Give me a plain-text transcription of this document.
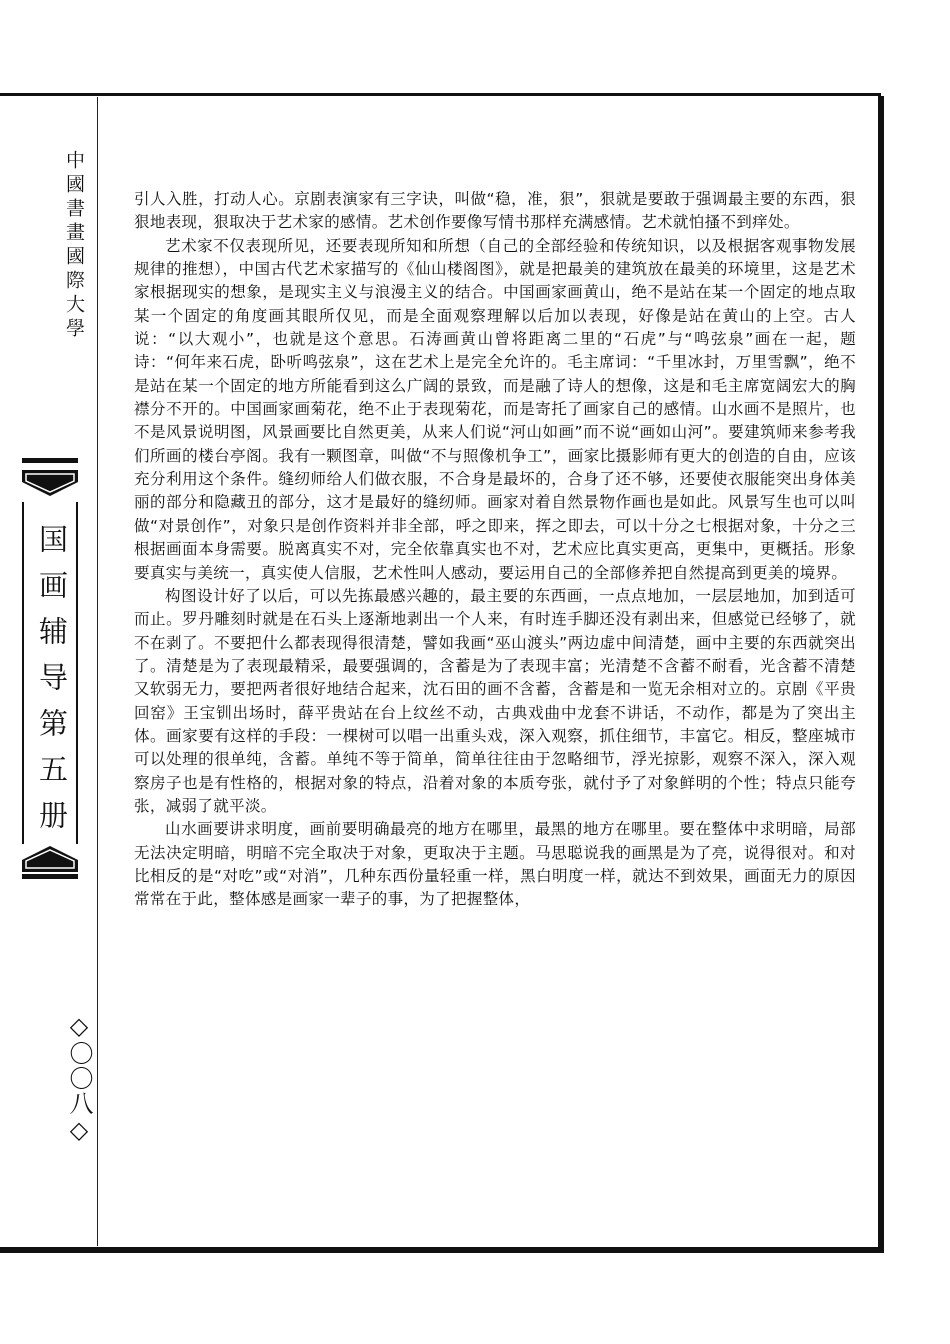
中國書畫國際大學
国画辅导第五册
◇〇〇八◇

引人入胜，打动人心。京剧表演家有三字诀，叫做“稳，准，狠”，狠就是要敢于强调最主要的东西，狠狠地表现，狠取决于艺术家的感情。艺术创作要像写情书那样充满感情。艺术就怕搔不到痒处。

艺术家不仅表现所见，还要表现所知和所想（自己的全部经验和传统知识，以及根据客观事物发展规律的推想），中国古代艺术家描写的《仙山楼阁图》，就是把最美的建筑放在最美的环境里，这是艺术家根据现实的想象，是现实主义与浪漫主义的结合。中国画家画黄山，绝不是站在某一个固定的地点取某一个固定的角度画其眼所仅见，而是全面观察理解以后加以表现，好像是站在黄山的上空。古人说：“以大观小”，也就是这个意思。石涛画黄山曾将距离二里的“石虎”与“鸣弦泉”画在一起，题诗：“何年来石虎，卧听鸣弦泉”，这在艺术上是完全允许的。毛主席词：“千里冰封，万里雪飘”，绝不是站在某一个固定的地方所能看到这么广阔的景致，而是融了诗人的想像，这是和毛主席宽阔宏大的胸襟分不开的。中国画家画菊花，绝不止于表现菊花，而是寄托了画家自己的感情。山水画不是照片，也不是风景说明图，风景画要比自然更美，从来人们说“河山如画”而不说“画如山河”。要建筑师来参考我们所画的楼台亭阁。我有一颗图章，叫做“不与照像机争工”，画家比摄影师有更大的创造的自由，应该充分利用这个条件。缝纫师给人们做衣服，不合身是最坏的，合身了还不够，还要使衣服能突出身体美丽的部分和隐藏丑的部分，这才是最好的缝纫师。画家对着自然景物作画也是如此。风景写生也可以叫做“对景创作”，对象只是创作资料并非全部，呼之即来，挥之即去，可以十分之七根据对象，十分之三根据画面本身需要。脱离真实不对，完全依靠真实也不对，艺术应比真实更高，更集中，更概括。形象要真实与美统一，真实使人信服，艺术性叫人感动，要运用自己的全部修养把自然提高到更美的境界。

构图设计好了以后，可以先拣最感兴趣的，最主要的东西画，一点点地加，一层层地加，加到适可而止。罗丹雕刻时就是在石头上逐渐地剥出一个人来，有时连手脚还没有剥出来，但感觉已经够了，就不在剥了。不要把什么都表现得很清楚，譬如我画“巫山渡头”两边虚中间清楚，画中主要的东西就突出了。清楚是为了表现最精采，最要强调的，含蓄是为了表现丰富；光清楚不含蓄不耐看，光含蓄不清楚又软弱无力，要把两者很好地结合起来，沈石田的画不含蓄，含蓄是和一览无余相对立的。京剧《平贵回窑》王宝钏出场时，薛平贵站在台上纹丝不动，古典戏曲中龙套不讲话，不动作，都是为了突出主体。画家要有这样的手段：一棵树可以唱一出重头戏，深入观察，抓住细节，丰富它。相反，整座城市可以处理的很单纯，含蓄。单纯不等于简单，简单往往由于忽略细节，浮光掠影，观察不深入，深入观察房子也是有性格的，根据对象的特点，沿着对象的本质夸张，就付予了对象鲜明的个性；特点只能夸张，减弱了就平淡。

山水画要讲求明度，画前要明确最亮的地方在哪里，最黑的地方在哪里。要在整体中求明暗，局部无法决定明暗，明暗不完全取决于对象，更取决于主题。马思聪说我的画黑是为了亮，说得很对。和对比相反的是“对吃”或“对消”，几种东西份量轻重一样，黑白明度一样，就达不到效果，画面无力的原因常常在于此，整体感是画家一辈子的事，为了把握整体，
